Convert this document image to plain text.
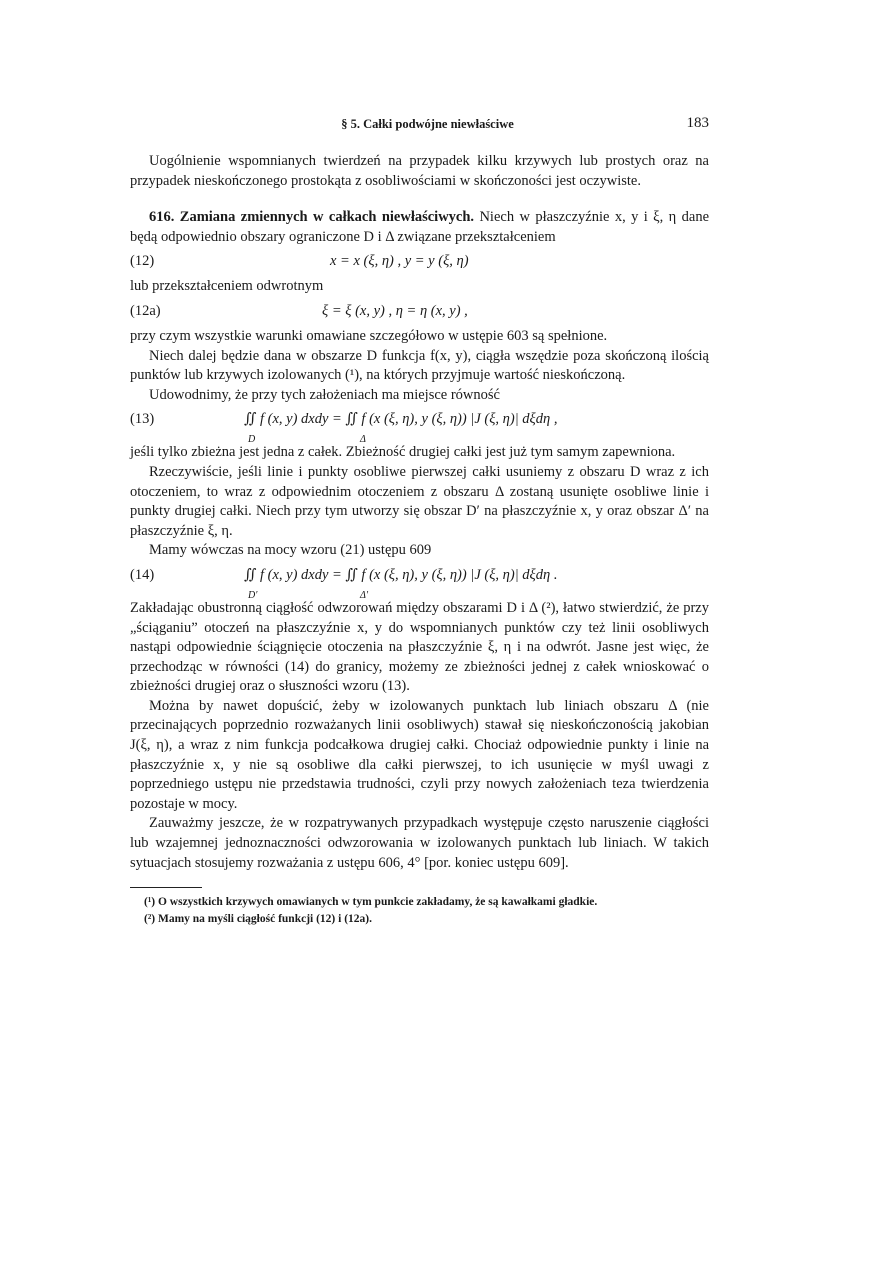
§ 5. Całki podwójne niewłaściwe	183

Uogólnienie wspomnianych twierdzeń na przypadek kilku krzywych lub prostych oraz na przypadek nieskończonego prostokąta z osobliwościami w skończoności jest oczywiste.

616. Zamiana zmiennych w całkach niewłaściwych. Niech w płaszczyźnie x, y i ξ, η dane będą odpowiednio obszary ograniczone D i Δ związane przekształceniem

(12)	x = x (ξ, η) , y = y (ξ, η)

lub przekształceniem odwrotnym

(12a)	ξ = ξ (x, y) , η = η (x, y) ,

przy czym wszystkie warunki omawiane szczegółowo w ustępie 603 są spełnione.

Niech dalej będzie dana w obszarze D funkcja f(x, y), ciągła wszędzie poza skończoną ilością punktów lub krzywych izolowanych (¹), na których przyjmuje wartość nieskończoną.

Udowodnimy, że przy tych założeniach ma miejsce równość

(13)	∬ f (x, y) dxdy = ∬ f (x (ξ, η), y (ξ, η)) |J (ξ, η)| dξdη ,
D	Δ

jeśli tylko zbieżna jest jedna z całek. Zbieżność drugiej całki jest już tym samym zapewniona.

Rzeczywiście, jeśli linie i punkty osobliwe pierwszej całki usuniemy z obszaru D wraz z ich otoczeniem, to wraz z odpowiednim otoczeniem z obszaru Δ zostaną usunięte osobliwe linie i punkty drugiej całki. Niech przy tym utworzy się obszar D′ na płaszczyźnie x, y oraz obszar Δ′ na płaszczyźnie ξ, η.

Mamy wówczas na mocy wzoru (21) ustępu 609

(14)	∬ f (x, y) dxdy = ∬ f (x (ξ, η), y (ξ, η)) |J (ξ, η)| dξdη .
D′	Δ′

Zakładając obustronną ciągłość odwzorowań między obszarami D i Δ (²), łatwo stwierdzić, że przy „ściąganiu” otoczeń na płaszczyźnie x, y do wspomnianych punktów czy też linii osobliwych nastąpi odpowiednie ściągnięcie otoczenia na płaszczyźnie ξ, η i na odwrót. Jasne jest więc, że przechodząc w równości (14) do granicy, możemy ze zbieżności jednej z całek wnioskować o zbieżności drugiej oraz o słuszności wzoru (13).

Można by nawet dopuścić, żeby w izolowanych punktach lub liniach obszaru Δ (nie przecinających poprzednio rozważanych linii osobliwych) stawał się nieskończonością jakobian J(ξ, η), a wraz z nim funkcja podcałkowa drugiej całki. Chociaż odpowiednie punkty i linie na płaszczyźnie x, y nie są osobliwe dla całki pierwszej, to ich usunięcie w myśl uwagi z poprzedniego ustępu nie przedstawia trudności, czyli przy nowych założeniach teza twierdzenia pozostaje w mocy.

Zauważmy jeszcze, że w rozpatrywanych przypadkach występuje często naruszenie ciągłości lub wzajemnej jednoznaczności odwzorowania w izolowanych punktach lub liniach. W takich sytuacjach stosujemy rozważania z ustępu 606, 4° [por. koniec ustępu 609].

(¹) O wszystkich krzywych omawianych w tym punkcie zakładamy, że są kawałkami gładkie.
(²) Mamy na myśli ciągłość funkcji (12) i (12a).
